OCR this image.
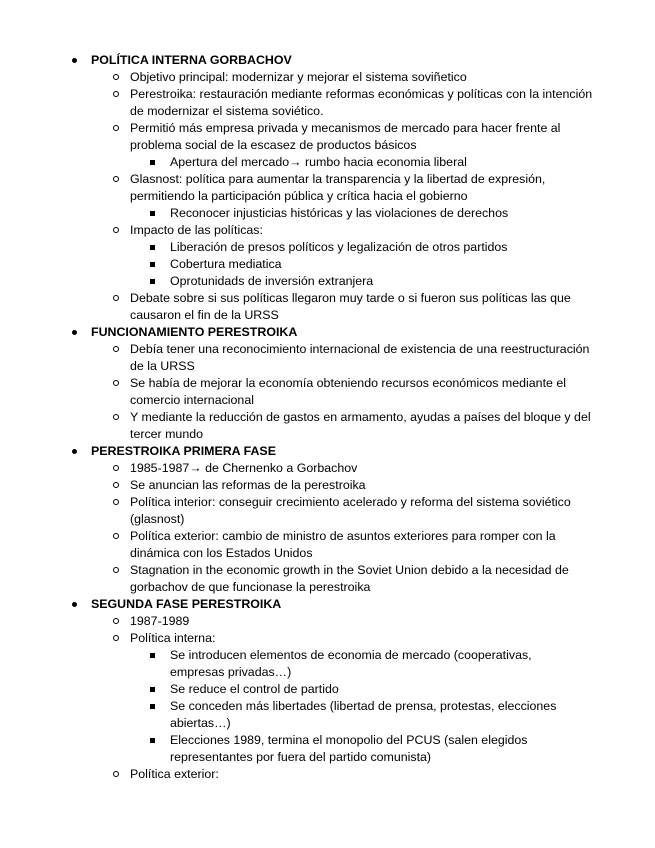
POLÍTICA INTERNA GORBACHOV
Objetivo principal: modernizar y mejorar el sistema soviñetico
Perestroika: restauración mediante reformas económicas y políticas con la intención de modernizar el sistema soviético.
Permitió más empresa privada y mecanismos de mercado para hacer frente al problema social de la escasez de productos básicos
Apertura del mercado→ rumbo hacia economia liberal
Glasnost: política para aumentar la transparencia y la libertad de expresión, permitiendo la participación pública y crítica hacia el gobierno
Reconocer injusticias históricas y las violaciones de derechos
Impacto de las políticas:
Liberación de presos políticos y legalización de otros partidos
Cobertura mediatica
Oprotunidads de inversión extranjera
Debate sobre si sus políticas llegaron muy tarde o si fueron sus políticas las que causaron el fin de la URSS
FUNCIONAMIENTO PERESTROIKA
Debía tener una reconocimiento internacional de existencia de una reestructuración de la URSS
Se había de mejorar la economía obteniendo recursos económicos mediante el comercio internacional
Y mediante la reducción de gastos en armamento, ayudas a países del bloque y del tercer mundo
PERESTROIKA PRIMERA FASE
1985-1987→ de Chernenko a Gorbachov
Se anuncian las reformas de la perestroika
Política interior: conseguir crecimiento acelerado y reforma del sistema soviético (glasnost)
Política exterior: cambio de ministro de asuntos exteriores para romper con la dinámica con los Estados Unidos
Stagnation in the economic growth in the Soviet Union debido a la necesidad de gorbachov de que funcionase la perestroika
SEGUNDA FASE PERESTROIKA
1987-1989
Política interna:
Se introducen elementos de economia de mercado (cooperativas, empresas privadas…)
Se reduce el control de partido
Se conceden más libertades (libertad de prensa, protestas, elecciones abiertas…)
Elecciones 1989, termina el monopolio del PCUS (salen elegidos representantes por fuera del partido comunista)
Política exterior:
